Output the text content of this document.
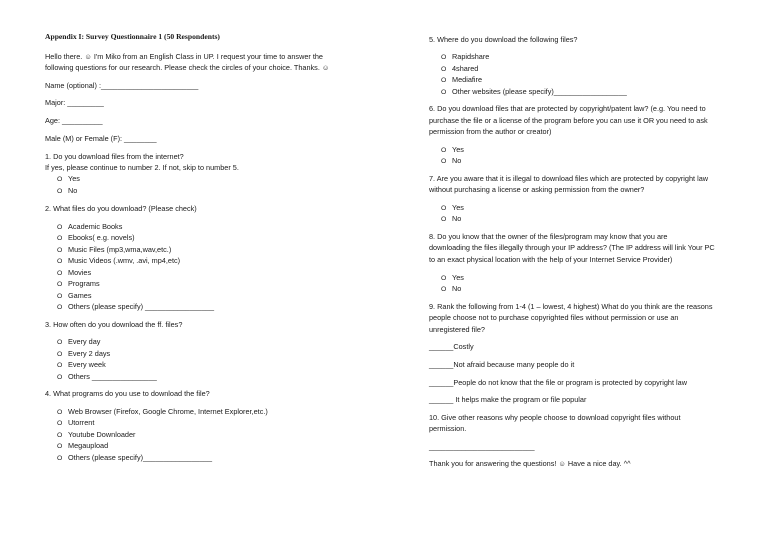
Appendix I: Survey Questionnaire 1 (50 Respondents)
Hello there. ☺ I'm Miko from an English Class in UP. I request your time to answer the
following questions for our research. Please check the circles of your choice. Thanks. ☺
Name (optional) :________________________
Major: _________
Age: __________
Male (M) or Female (F): ________
1. Do you download files from the internet?
If yes, please continue to number 2. If not, skip to number 5.
O Yes
O No
2. What files do you download? (Please check)
O Academic Books
O Ebooks( e.g. novels)
O Music Files (mp3,wma,wav,etc.)
O Music Videos (.wmv, .avi, mp4,etc)
O Movies
O Programs
O Games
O Others (please specify) _________________
3. How often do you download the ff. files?
O Every day
O Every 2 days
O Every week
O Others ________________
4. What programs do you use to download the file?
O Web Browser (Firefox, Google Chrome, Internet Explorer,etc.)
O Utorrent
O Youtube Downloader
O Megaupload
O Others (please specify)_________________
5. Where do you download the following files?
O Rapidshare
O 4shared
O Mediafire
O Other websites (please specify)__________________
6. Do you download files that are protected by copyright/patent law? (e.g. You need to
purchase the file or a license of the program before you can use it OR you need to ask
permission from the author or creator)
O Yes
O No
7. Are you aware that it is illegal to download files which are protected by copyright law
without purchasing a license or asking permission from the owner?
O Yes
O No
8. Do you know that the owner of the files/program may know that you are
downloading the files illegally through your IP address? (The IP address will link Your PC
to an exact physical location with the help of your Internet Service Provider)
O Yes
O No
9. Rank the following from 1-4 (1 – lowest, 4 highest) What do you think are the reasons
people choose not to purchase copyrighted files without permission or use an
unregistered file?
______Costly
______Not afraid because many people do it
______People do not know that the file or program is protected by copyright law
______ It helps make the program or file popular
10. Give other reasons why people choose to download copyright files without
permission.
__________________________
Thank you for answering the questions! ☺ Have a nice day. ^^
